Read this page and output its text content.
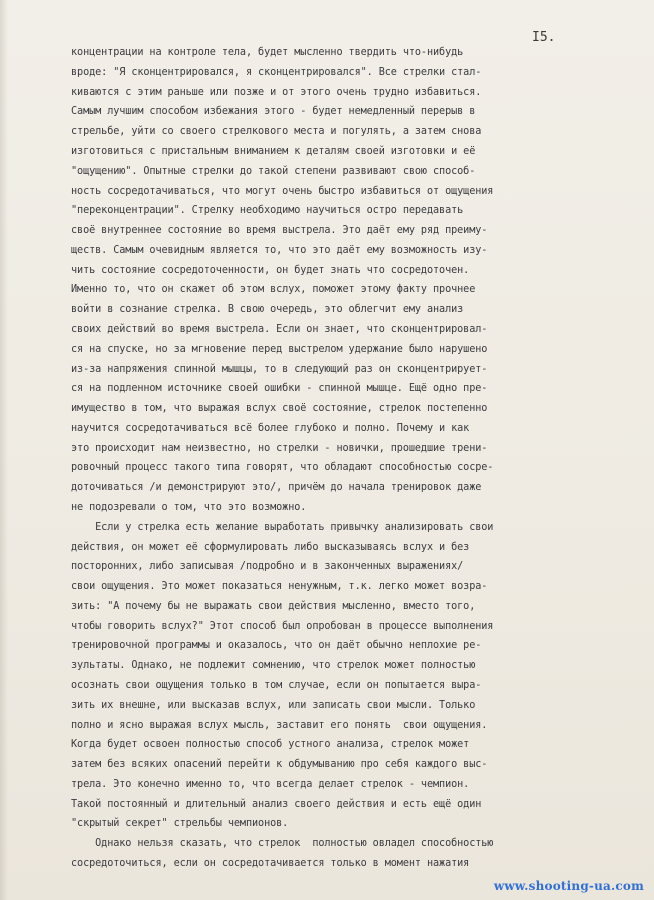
I5.
концентрации на контроле тела, будет мысленно твердить что-нибудь
вроде: "Я сконцентрировался, я сконцентрировался". Все стрелки стал-
киваются с этим раньше или позже и от этого очень трудно избавиться.
Самым лучшим способом избежания этого - будет немедленный перерыв в
стрельбе, уйти со своего стрелкового места и погулять, а затем снова
изготовиться с пристальным вниманием к деталям своей изготовки и её
"ощущению". Опытные стрелки до такой степени развивают свою способ-
ность сосредотачиваться, что могут очень быстро избавиться от ощущения
"переконцентрации". Стрелку необходимо научиться остро передавать
своё внутреннее состояние во время выстрела. Это даёт ему ряд преиму-
ществ. Самым очевидным является то, что это даёт ему возможность изу-
чить состояние сосредоточенности, он будет знать что сосредоточен.
Именно то, что он скажет об этом вслух, поможет этому факту прочнее
войти в сознание стрелка. В свою очередь, это облегчит ему анализ
своих действий во время выстрела. Если он знает, что сконцентрировал-
ся на спуске, но за мгновение перед выстрелом удержание было нарушено
из-за напряжения спинной мышцы, то в следующий раз он сконцентрирует-
ся на подленном источнике своей ошибки - спинной мышце. Ещё одно пре-
имущество в том, что выражая вслух своё состояние, стрелок постепенно
научится сосредотачиваться всё более глубоко и полно. Почему и как
это происходит нам неизвестно, но стрелки - новички, прошедшие трени-
ровочный процесс такого типа говорят, что обладают способностью сосре-
доточиваться /и демонстрируют это/, причём до начала тренировок даже
не подозревали о том, что это возможно.
Если у стрелка есть желание выработать привычку анализировать свои
действия, он может её сформулировать либо высказываясь вслух и без
посторонних, либо записывая /подробно и в законченных выражениях/
свои ощущения. Это может показаться ненужным, т.к. легко может возра-
зить: "А почему бы не выражать свои действия мысленно, вместо того,
чтобы говорить вслух?" Этот способ был опробован в процессе выполнения
тренировочной программы и оказалось, что он даёт обычно неплохие ре-
зультаты. Однако, не подлежит сомнению, что стрелок может полностью
осознать свои ощущения только в том случае, если он попытается выра-
зить их внешне, или высказав вслух, или записать свои мысли. Только
полно и ясно выражая вслух мысль, заставит его понять  свои ощущения.
Когда будет освоен полностью способ устного анализа, стрелок может
затем без всяких опасений перейти к обдумыванию про себя каждого выс-
трела. Это конечно именно то, что всегда делает стрелок - чемпион.
Такой постоянный и длительный анализ своего действия и есть ещё один
"скрытый секрет" стрельбы чемпионов.
Однако нельзя сказать, что стрелок  полностью овладел способностью
сосредоточиться, если он сосредотачивается только в момент нажатия
www.shooting-ua.com
